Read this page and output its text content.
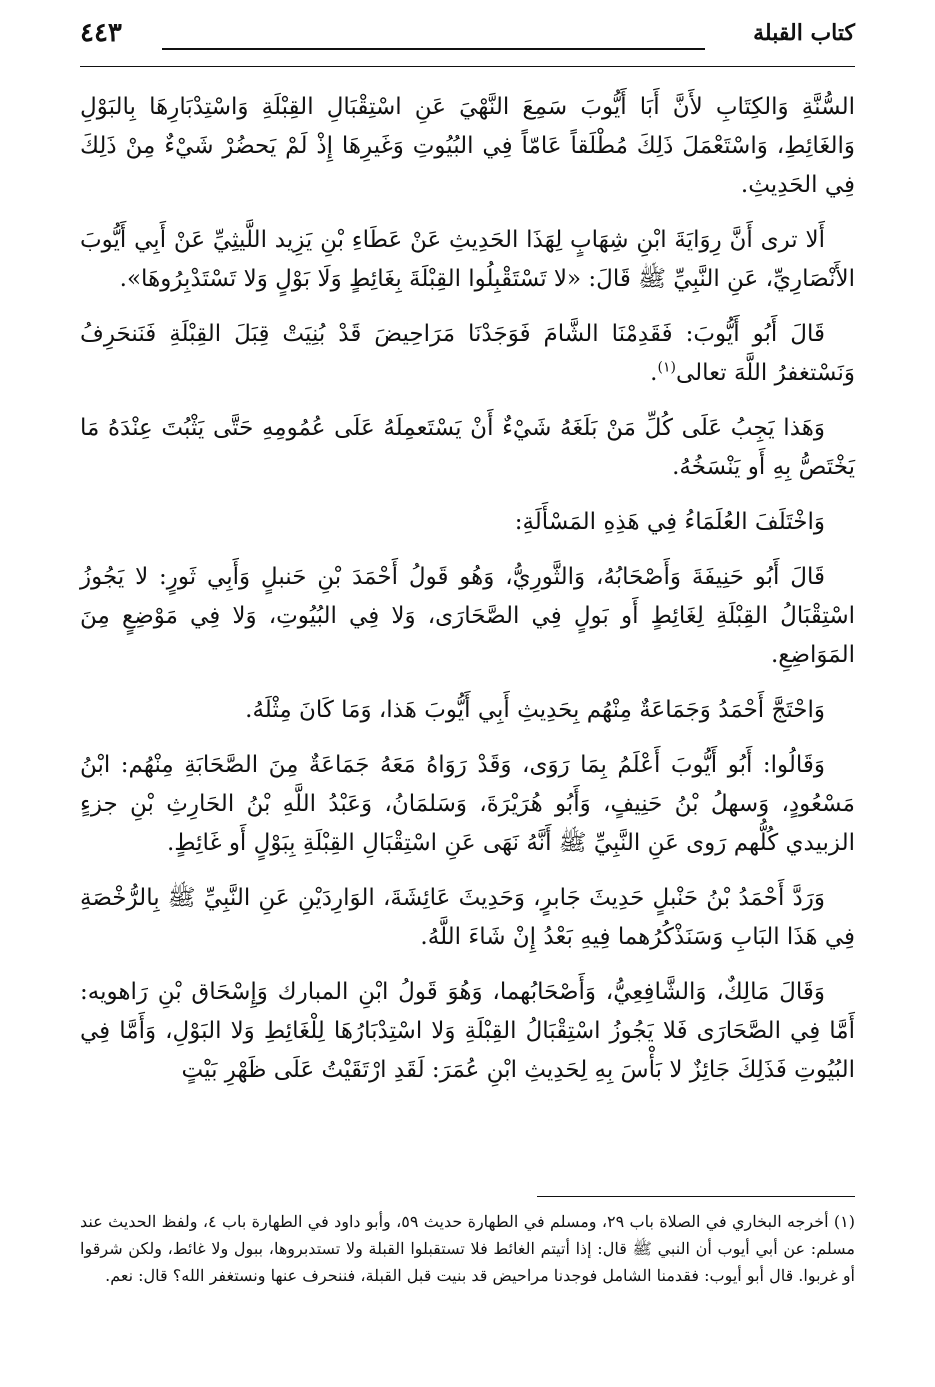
كتاب القبلة
٤٤٣

السُّنَّةِ وَالكِتَابِ لأَنَّ أَبَا أَيُّوبَ سَمِعَ النَّهْيَ عَنِ اسْتِقْبَالِ القِبْلَةِ وَاسْتِدْبَارِهَا بِالبَوْلِ وَالغَائِطِ، وَاسْتَعْمَلَ ذَلِكَ مُطْلَقاً عَامّاً فِي البُيُوتِ وَغَيرِهَا إِذْ لَمْ يَحضُرْ شَيْءٌ مِنْ ذَلِكَ فِي الحَدِيثِ.

أَلا ترى أَنَّ رِوَايَةَ ابْنِ شِهَابٍ لِهَذَا الحَدِيثِ عَنْ عَطَاءِ بْنِ يَزِيد اللَّيثِيِّ عَنْ أَبِي أَيُّوبَ الأَنْصَارِيِّ، عَنِ النَّبِيِّ ﷺ قَالَ: «لا تَسْتَقْبِلُوا القِبْلَةَ بِغَائِطٍ وَلَا بَوْلٍ وَلا تَسْتَدْبِرُوهَا».

قَالَ أَبُو أَيُّوبَ: فَقَدِمْنَا الشَّامَ فَوَجَدْنَا مَرَاحِيضَ قَدْ بُنِيَتْ قِبَلَ القِبْلَةِ فَنَنحَرِفُ وَنَسْتغفرُ اللَّهَ تعالى$^{(١)}$.

وَهَذا يَجِبُ عَلَى كُلِّ مَنْ بَلَغَهُ شَيْءٌ أَنْ يَسْتَعمِلَهُ عَلَى عُمُومِهِ حَتَّى يَثْبُتَ عِنْدَهُ مَا يَخْتَصُّ بِهِ أَو يَنْسَخُهُ.

وَاخْتَلَفَ العُلَمَاءُ فِي هَذِهِ المَسْأَلَةِ:

قَالَ أَبُو حَنِيفَةَ وَأَصْحَابُهُ، وَالثَّورِيُّ، وَهُو قَولُ أَحْمَدَ بْنِ حَنبلٍ وَأَبِي ثَورٍ: لا يَجُوزُ اسْتِقْبَالُ القِبْلَةِ لِغَائِطٍ أَو بَولٍ فِي الصَّحَارَى، وَلا فِي البُيُوتِ، وَلا فِي مَوْضِعٍ مِنَ المَوَاضِعِ.

وَاحْتَجَّ أَحْمَدُ وَجَمَاعَةٌ مِنْهُم بِحَدِيثِ أَبِي أَيُّوبَ هَذا، وَمَا كَانَ مِثْلَهُ.

وَقَالُوا: أَبُو أَيُّوبَ أَعْلَمُ بِمَا رَوَى، وَقَدْ رَوَاهُ مَعَهُ جَمَاعَةٌ مِنَ الصَّحَابَةِ مِنْهُم: ابْنُ مَسْعُودٍ، وَسهلُ بْنُ حَنِيفٍ، وَأَبُو هُرَيْرَةَ، وَسَلمَانُ، وَعَبْدُ اللَّهِ بْنُ الحَارِثِ بْنِ جزءٍ الزبيدي كُلُّهم رَوى عَنِ النَّبِيِّ ﷺ أَنَّهُ نَهَى عَنِ اسْتِقْبَالِ القِبْلَةِ بِبَوْلٍ أَو غَائِطٍ.

وَرَدَّ أَحْمَدُ بْنُ حَنْبلٍ حَدِيثَ جَابرٍ، وَحَدِيثَ عَائِشَةَ، الوَارِدَيْنِ عَنِ النَّبِيِّ ﷺ بِالرُّخْصَةِ فِي هَذَا البَابِ وَسَنَذْكُرُهما فِيهِ بَعْدُ إِنْ شَاءَ اللَّهُ.

وَقَالَ مَالِكٌ، وَالشَّافِعِيُّ، وَأَصْحَابُهما، وَهُوَ قَولُ ابْنِ المبارك وَإِسْحَاق بْنِ رَاهويه: أَمَّا فِي الصَّحَارَى فَلا يَجُوزُ اسْتِقْبَالُ القِبْلَةِ وَلا اسْتِدْبَارُهَا لِلْغَائِطِ وَلا البَوْلِ، وَأَمَّا فِي البُيُوتِ فَذَلِكَ جَائِزٌ لا بَأْسَ بِهِ لِحَدِيثِ ابْنِ عُمَرَ: لَقَدِ ارْتَقَيْتُ عَلَى ظَهْرِ بَيْتٍ

(١) أخرجه البخاري في الصلاة باب ٢٩، ومسلم في الطهارة حديث ٥٩، وأبو داود في الطهارة باب ٤، ولفظ الحديث عند مسلم: عن أبي أيوب أن النبي ﷺ قال: إذا أتيتم الغائط فلا تستقبلوا القبلة ولا تستدبروها، ببول ولا غائط، ولكن شرقوا أو غربوا. قال أبو أيوب: فقدمنا الشامل فوجدنا مراحيض قد بنيت قبل القبلة، فننحرف عنها ونستغفر الله؟ قال: نعم.
